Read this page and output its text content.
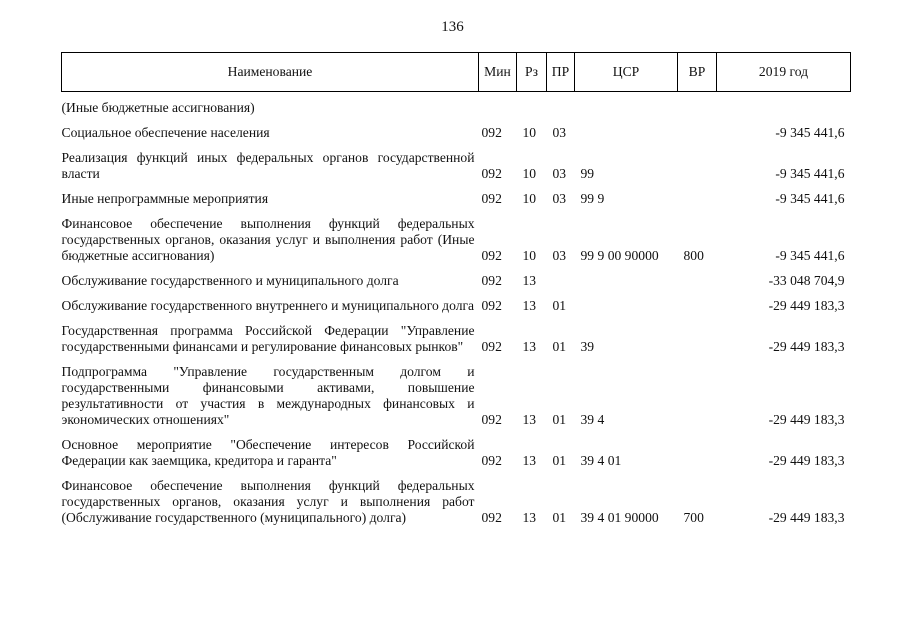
136
Наименование	Мин	Рз	ПР	ЦСР	ВР	2019 год

(Иные бюджетные ассигнования)						

Социальное обеспечение населения	092	10	03			-9 345 441,6

Реализация функций иных федеральных органов государственной власти	092	10	03	99		-9 345 441,6

Иные непрограммные мероприятия	092	10	03	99 9		-9 345 441,6

Финансовое обеспечение выполнения функций федеральных государственных органов, оказания услуг и выполнения работ (Иные бюджетные ассигнования)	092	10	03	99 9 00 90000	800	-9 345 441,6

Обслуживание государственного и муниципального долга	092	13				-33 048 704,9

Обслуживание государственного внутреннего и муниципального долга	092	13	01			-29 449 183,3

Государственная программа Российской Федерации "Управление государственными финансами и регулирование финансовых рынков"	092	13	01	39		-29 449 183,3

Подпрограмма "Управление государственным долгом и государственными финансовыми активами, повышение результативности от участия в международных финансовых и экономических отношениях"	092	13	01	39 4		-29 449 183,3

Основное мероприятие "Обеспечение интересов Российской Федерации как заемщика, кредитора и гаранта"	092	13	01	39 4 01		-29 449 183,3

Финансовое обеспечение выполнения функций федеральных государственных органов, оказания услуг и выполнения работ (Обслуживание государственного (муниципального) долга)	092	13	01	39 4 01 90000	700	-29 449 183,3
